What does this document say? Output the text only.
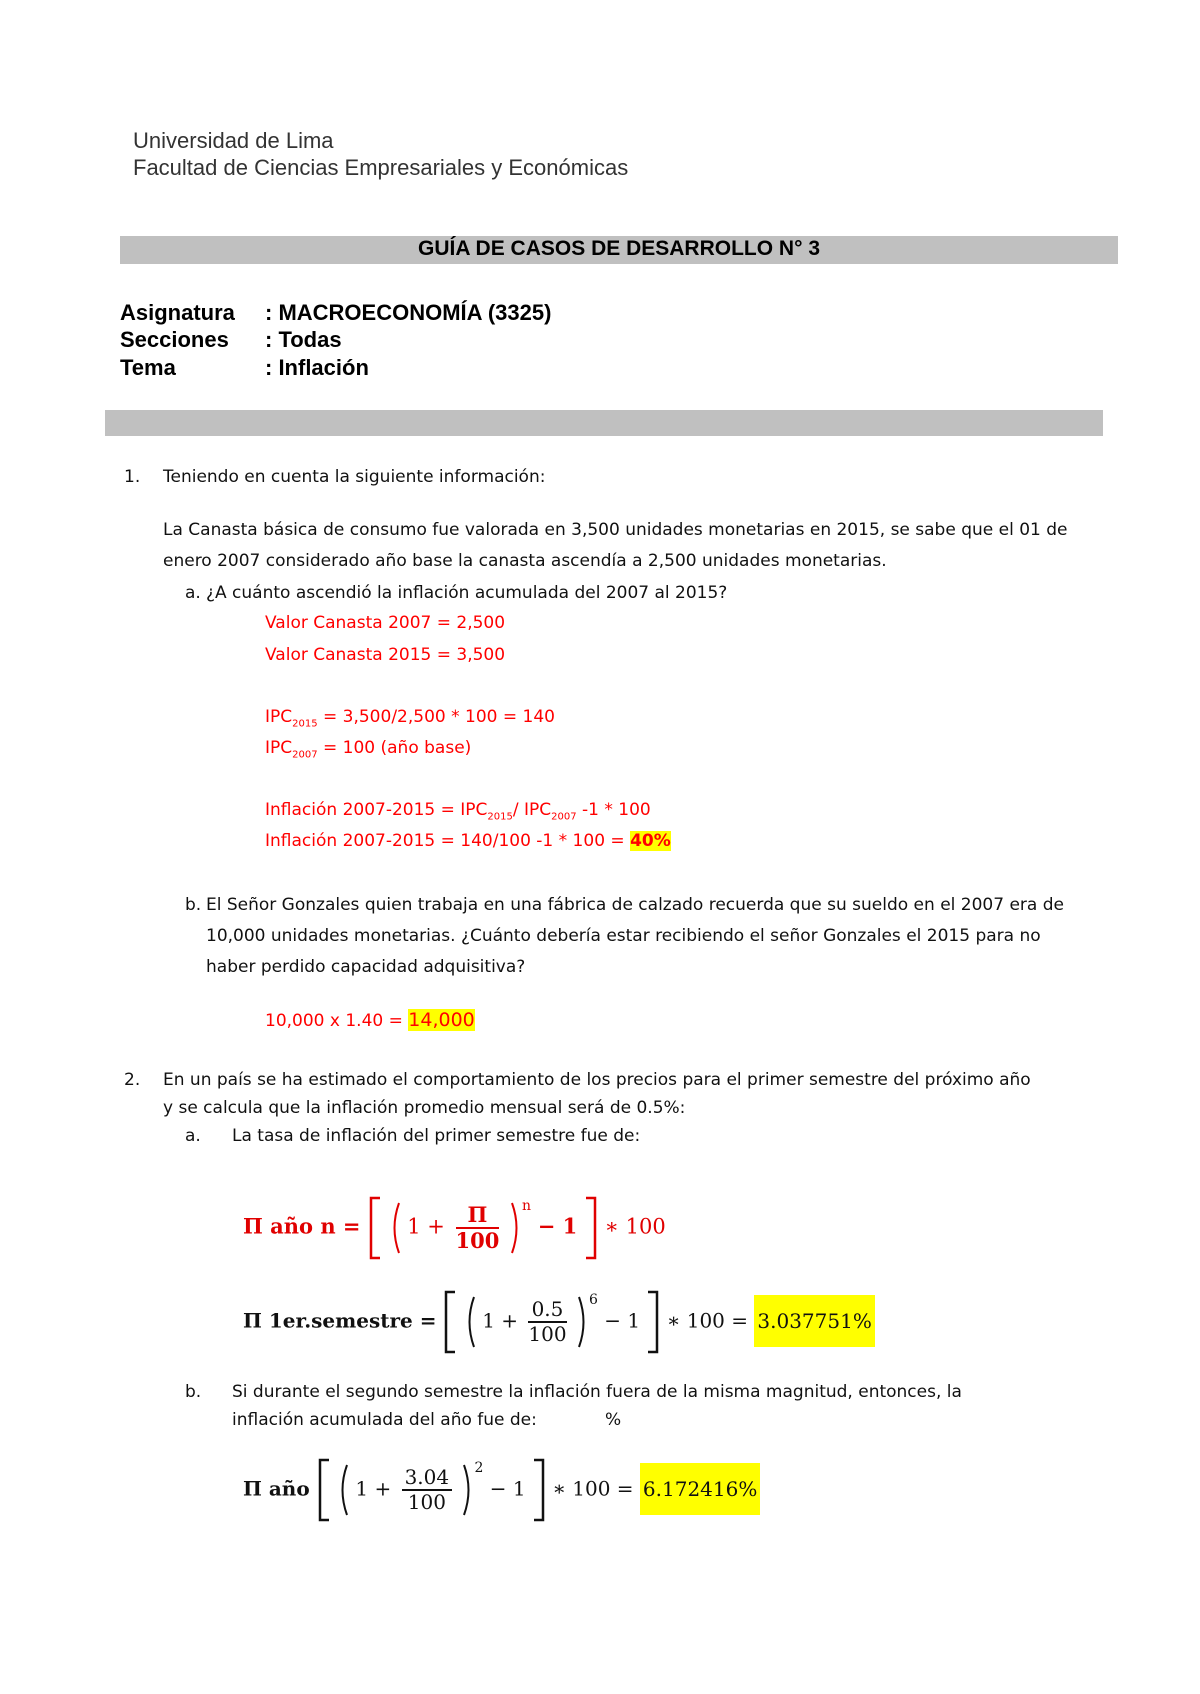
Universidad de Lima
Facultad de Ciencias Empresariales y Económicas
GUÍA DE CASOS DE DESARROLLO N° 3
Asignatura : MACROECONOMÍA (3325)
Secciones : Todas
Tema	: Inflación
1. Teniendo en cuenta la siguiente información:
La Canasta básica de consumo fue valorada en 3,500 unidades monetarias en 2015, se sabe que el 01 de
enero 2007 considerado año base la canasta ascendía a 2,500 unidades monetarias.
a. ¿A cuánto ascendió la inflación acumulada del 2007 al 2015?
Valor Canasta 2007 = 2,500
Valor Canasta 2015 = 3,500
$IPC_{2015} = 3,500/2,500 * 100 = 140$
$IPC_{2007} = 100$ (año base)
Inflación $2007-2015 = IPC_{2015}/$ $IPC_{2007}$ -1 * 100
Inflación 2007-2015 = 140/100 -1 * 100 = 40%
b. El Señor Gonzales quien trabaja en una fábrica de calzado recuerda que su sueldo en el 2007 era de
10,000 unidades monetarias. ¿Cuánto debería estar recibiendo el señor Gonzales el 2015 para no
haber perdido capacidad adquisitiva?
10,000 x 1.40 = 14,000
2. En un país se ha estimado el comportamiento de los precios para el primer semestre del próximo año
y se calcula que la inflación promedio mensual será de 0.5%:
a. La tasa de inflación del primer semestre fue de:
Π año $n = 1 + \frac{\Pi}{100} ^n - 1$  ∗ 100
Π 1er.semestre =   $1 + \frac{0.5}{100} ^6 - 1$  ∗ 100 = 3.037751%
b. Si durante el segundo semestre la inflación fuera de la misma magnitud, entonces, la
inflación acumulada del año fue de:	%
Π año   $1 + \frac{3.04}{100} ^2 - 1$  ∗ 100 = 6.172416%
